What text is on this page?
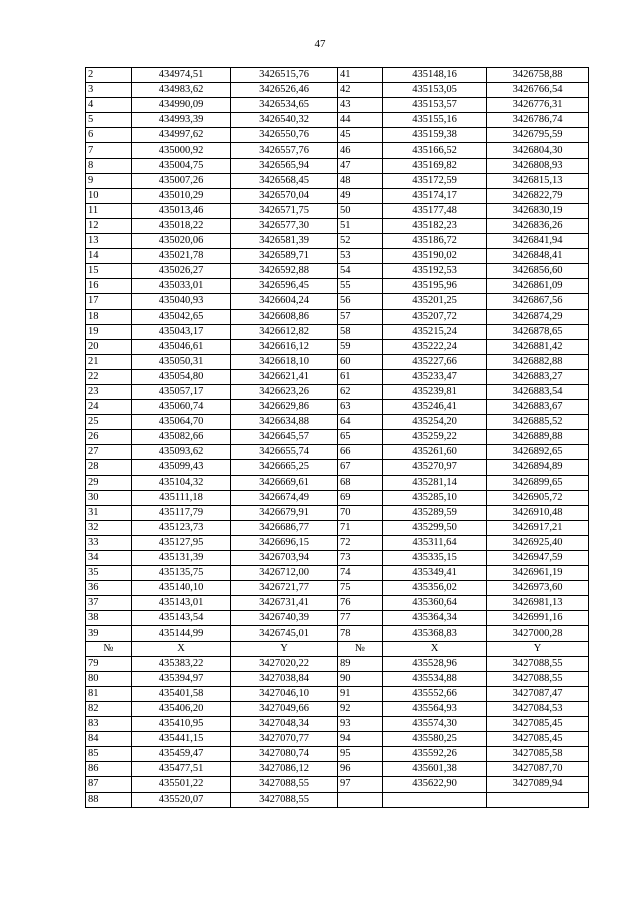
47
2	434974,51	3426515,76	41	435148,16	3426758,88
3	434983,62	3426526,46	42	435153,05	3426766,54
4	434990,09	3426534,65	43	435153,57	3426776,31
5	434993,39	3426540,32	44	435155,16	3426786,74
6	434997,62	3426550,76	45	435159,38	3426795,59
7	435000,92	3426557,76	46	435166,52	3426804,30
8	435004,75	3426565,94	47	435169,82	3426808,93
9	435007,26	3426568,45	48	435172,59	3426815,13
10	435010,29	3426570,04	49	435174,17	3426822,79
11	435013,46	3426571,75	50	435177,48	3426830,19
12	435018,22	3426577,30	51	435182,23	3426836,26
13	435020,06	3426581,39	52	435186,72	3426841,94
14	435021,78	3426589,71	53	435190,02	3426848,41
15	435026,27	3426592,88	54	435192,53	3426856,60
16	435033,01	3426596,45	55	435195,96	3426861,09
17	435040,93	3426604,24	56	435201,25	3426867,56
18	435042,65	3426608,86	57	435207,72	3426874,29
19	435043,17	3426612,82	58	435215,24	3426878,65
20	435046,61	3426616,12	59	435222,24	3426881,42
21	435050,31	3426618,10	60	435227,66	3426882,88
22	435054,80	3426621,41	61	435233,47	3426883,27
23	435057,17	3426623,26	62	435239,81	3426883,54
24	435060,74	3426629,86	63	435246,41	3426883,67
25	435064,70	3426634,88	64	435254,20	3426885,52
26	435082,66	3426645,57	65	435259,22	3426889,88
27	435093,62	3426655,74	66	435261,60	3426892,65
28	435099,43	3426665,25	67	435270,97	3426894,89
29	435104,32	3426669,61	68	435281,14	3426899,65
30	435111,18	3426674,49	69	435285,10	3426905,72
31	435117,79	3426679,91	70	435289,59	3426910,48
32	435123,73	3426686,77	71	435299,50	3426917,21
33	435127,95	3426696,15	72	435311,64	3426925,40
34	435131,39	3426703,94	73	435335,15	3426947,59
35	435135,75	3426712,00	74	435349,41	3426961,19
36	435140,10	3426721,77	75	435356,02	3426973,60
37	435143,01	3426731,41	76	435360,64	3426981,13
38	435143,54	3426740,39	77	435364,34	3426991,16
39	435144,99	3426745,01	78	435368,83	3427000,28
№	X	Y	№	X	Y
79	435383,22	3427020,22	89	435528,96	3427088,55
80	435394,97	3427038,84	90	435534,88	3427088,55
81	435401,58	3427046,10	91	435552,66	3427087,47
82	435406,20	3427049,66	92	435564,93	3427084,53
83	435410,95	3427048,34	93	435574,30	3427085,45
84	435441,15	3427070,77	94	435580,25	3427085,45
85	435459,47	3427080,74	95	435592,26	3427085,58
86	435477,51	3427086,12	96	435601,38	3427087,70
87	435501,22	3427088,55	97	435622,90	3427089,94
88	435520,07	3427088,55			
